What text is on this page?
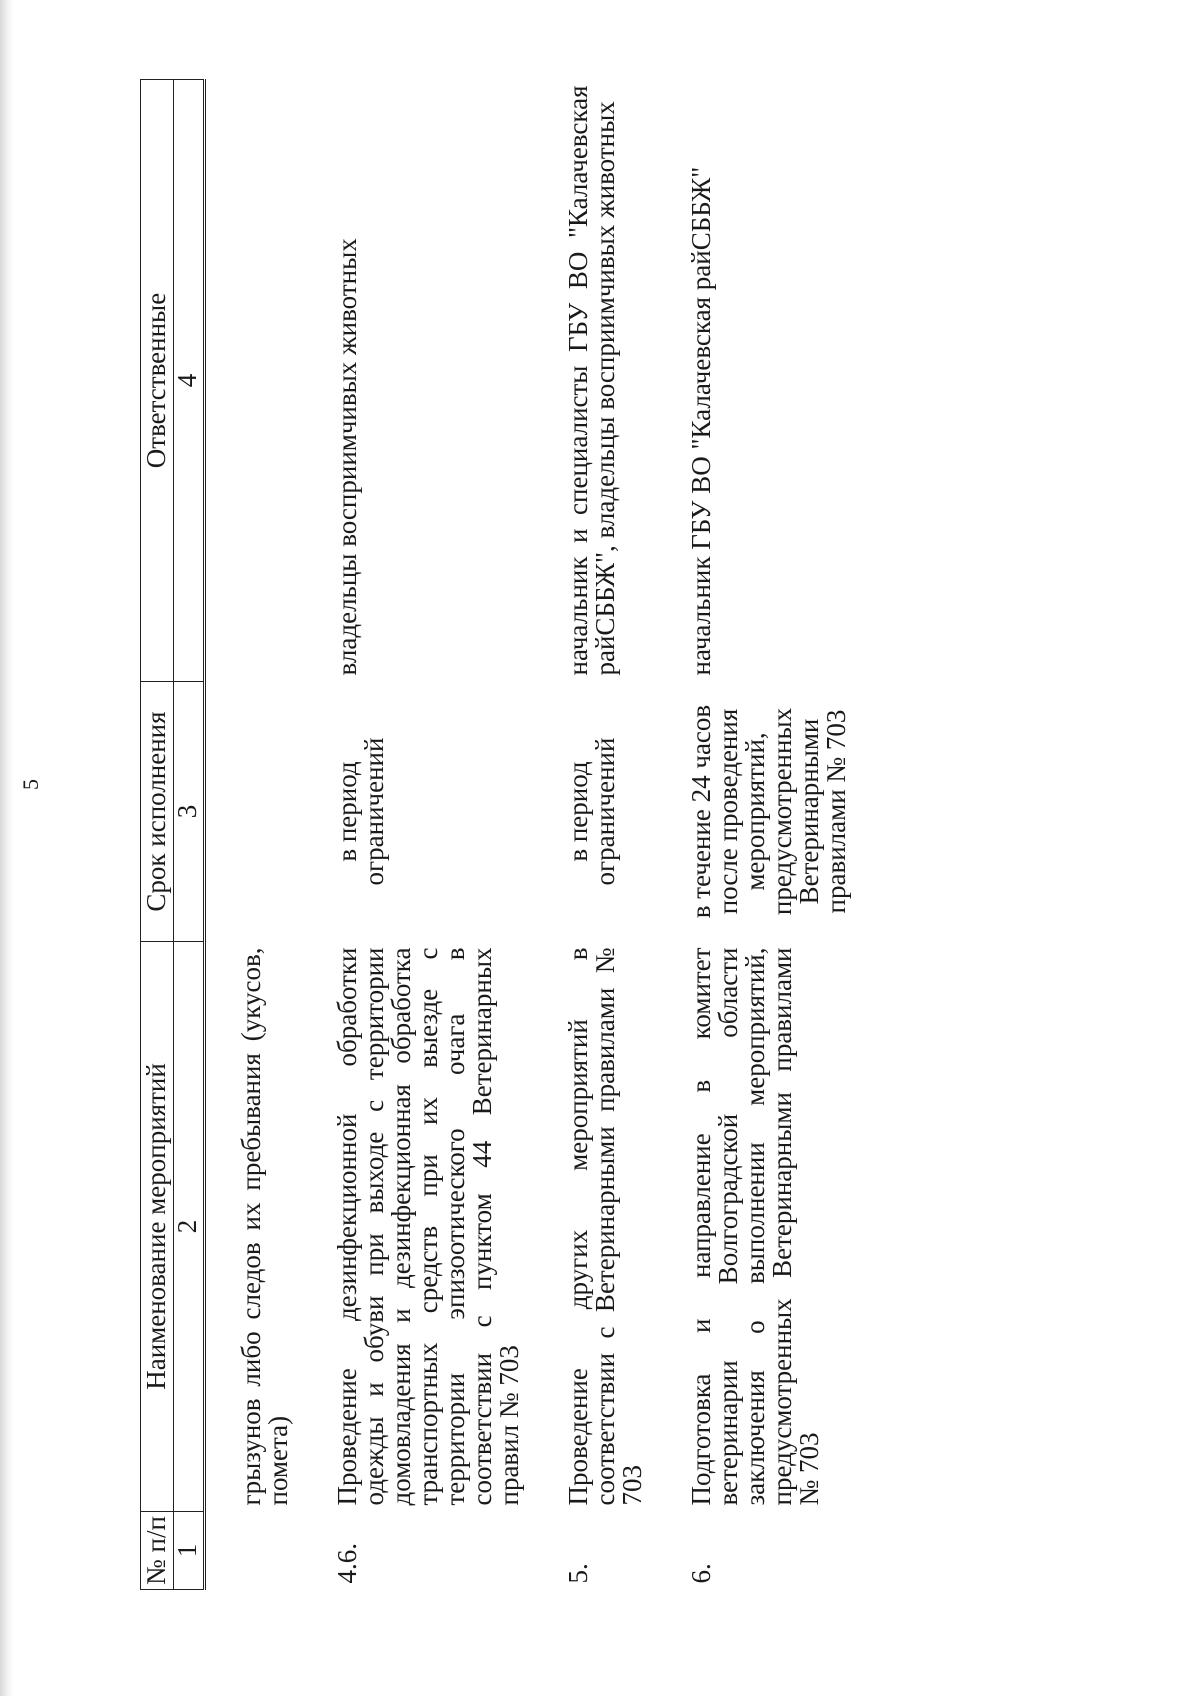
5
№ п/п	Наименование мероприятий	Срок исполнения	Ответственные
1	2	3	4
	грызунов либо следов их пребывания (укусов, помета)		

4.6.	Проведение дезинфекционной обработки одежды и обуви при выходе с территории домовладения и дезинфекционная обработка транспортных средств при их выезде с территории эпизоотического очага в соответствии с пунктом 44 Ветеринарных правил № 703	в период ограничений	владельцы восприимчивых животных

5.	Проведение других мероприятий в соответствии с Ветеринарными правилами № 703	в период ограничений	начальник и специалисты ГБУ ВО "Калачевская райСББЖ", владельцы восприимчивых животных

6.	Подготовка и направление в комитет ветеринарии Волгоградской области заключения о выполнении мероприятий, предусмотренных Ветеринарными правилами № 703	в течение 24 часов после проведения мероприятий, предусмотренных Ветеринарными правилами № 703	начальник ГБУ ВО "Калачевская райСББЖ"
